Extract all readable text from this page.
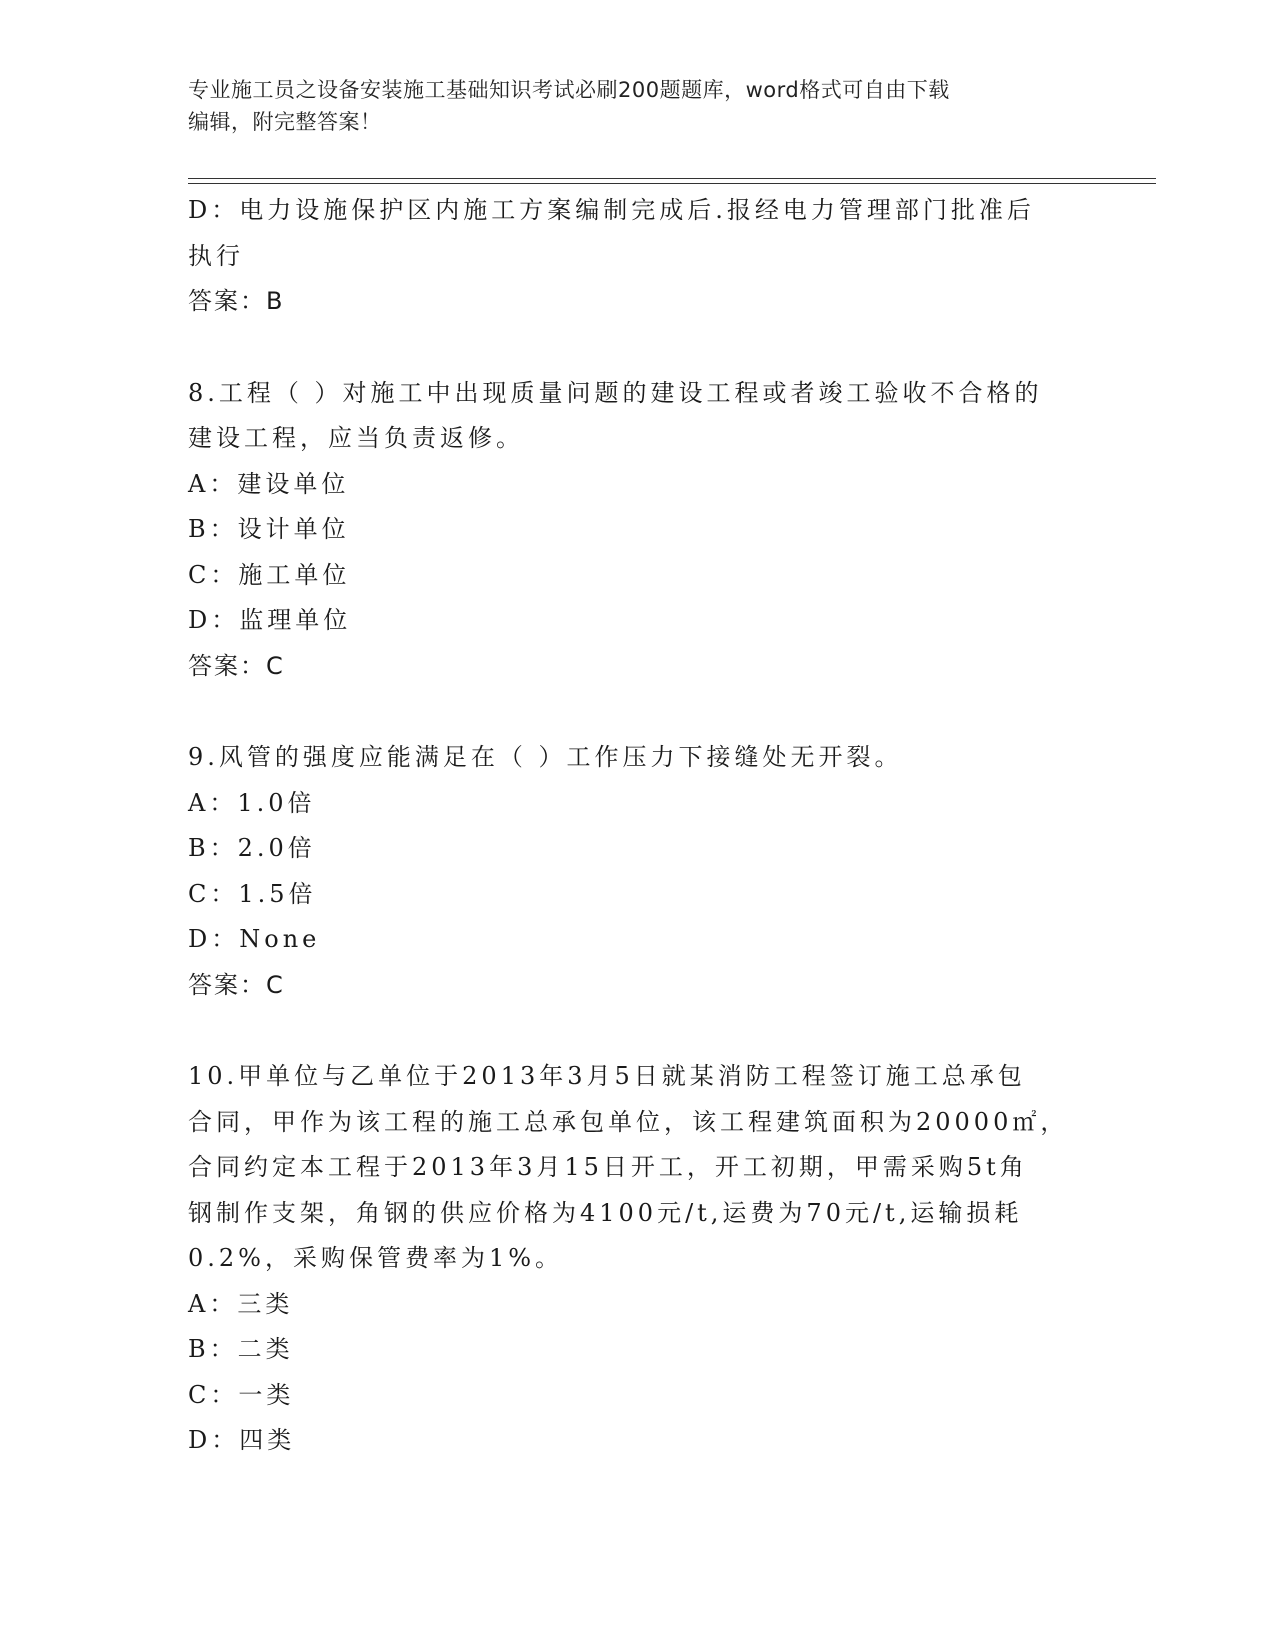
专业施工员之设备安装施工基础知识考试必刷200题题库，word格式可自由下载
编辑，附完整答案！

D：电力设施保护区内施工方案编制完成后.报经电力管理部门批准后

执行

答案：B

8.工程（ ）对施工中出现质量问题的建设工程或者竣工验收不合格的

建设工程，应当负责返修。

A：建设单位

B：设计单位

C：施工单位

D：监理单位

答案：C

9.风管的强度应能满足在（ ）工作压力下接缝处无开裂。

A：1.0倍

B：2.0倍

C：1.5倍

D：None

答案：C

10.甲单位与乙单位于2013年3月5日就某消防工程签订施工总承包

合同，甲作为该工程的施工总承包单位，该工程建筑面积为20000㎡，

合同约定本工程于2013年3月15日开工，开工初期，甲需采购5t角

钢制作支架，角钢的供应价格为4100元/t,运费为70元/t,运输损耗

0.2%，采购保管费率为1%。

A：三类

B：二类

C：一类

D：四类
